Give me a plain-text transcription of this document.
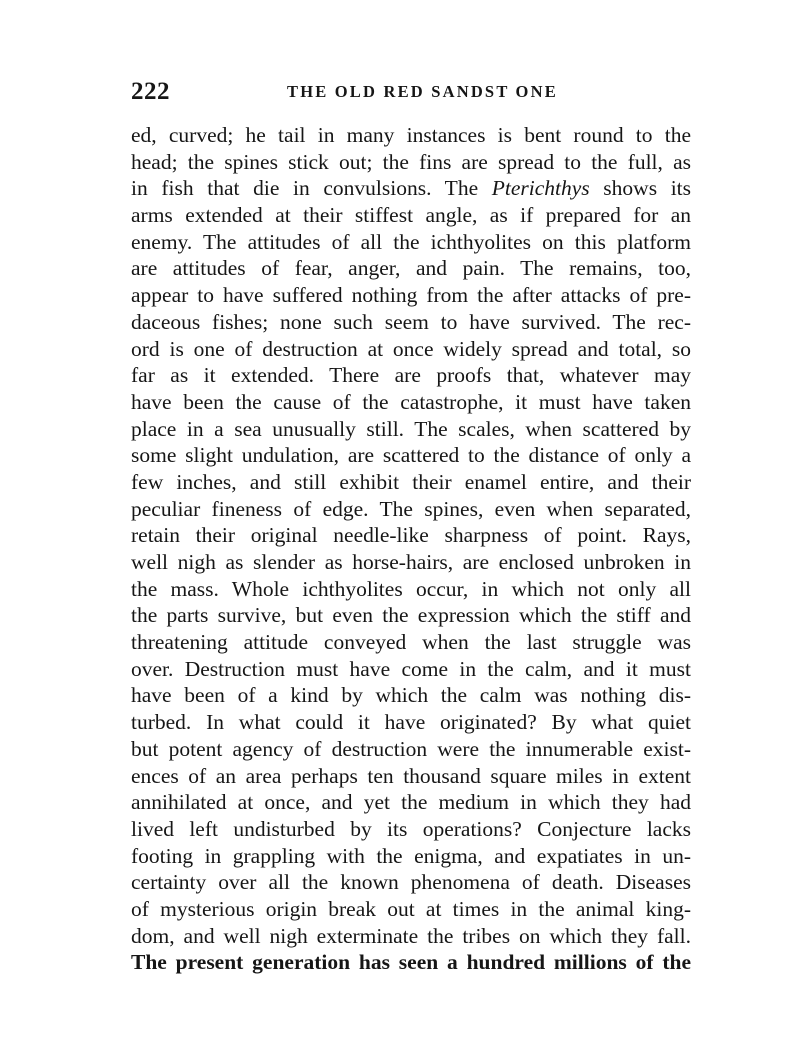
222	THE OLD RED SANDST ONE
ed, curved; he tail in many instances is bent round to the
head; the spines stick out; the fins are spread to the full, as
in fish that die in convulsions. The Pterichthys shows its
arms extended at their stiffest angle, as if prepared for an
enemy. The attitudes of all the ichthyolites on this platform
are attitudes of fear, anger, and pain. The remains, too,
appear to have suffered nothing from the after attacks of pre-
daceous fishes; none such seem to have survived. The rec-
ord is one of destruction at once widely spread and total, so
far as it extended. There are proofs that, whatever may
have been the cause of the catastrophe, it must have taken
place in a sea unusually still. The scales, when scattered by
some slight undulation, are scattered to the distance of only a
few inches, and still exhibit their enamel entire, and their
peculiar fineness of edge. The spines, even when separated,
retain their original needle-like sharpness of point. Rays,
well nigh as slender as horse-hairs, are enclosed unbroken in
the mass. Whole ichthyolites occur, in which not only all
the parts survive, but even the expression which the stiff and
threatening attitude conveyed when the last struggle was
over. Destruction must have come in the calm, and it must
have been of a kind by which the calm was nothing dis-
turbed. In what could it have originated? By what quiet
but potent agency of destruction were the innumerable exist-
ences of an area perhaps ten thousand square miles in extent
annihilated at once, and yet the medium in which they had
lived left undisturbed by its operations? Conjecture lacks
footing in grappling with the enigma, and expatiates in un-
certainty over all the known phenomena of death. Diseases
of mysterious origin break out at times in the animal king-
dom, and well nigh exterminate the tribes on which they fall.
The present generation has seen a hundred millions of the
